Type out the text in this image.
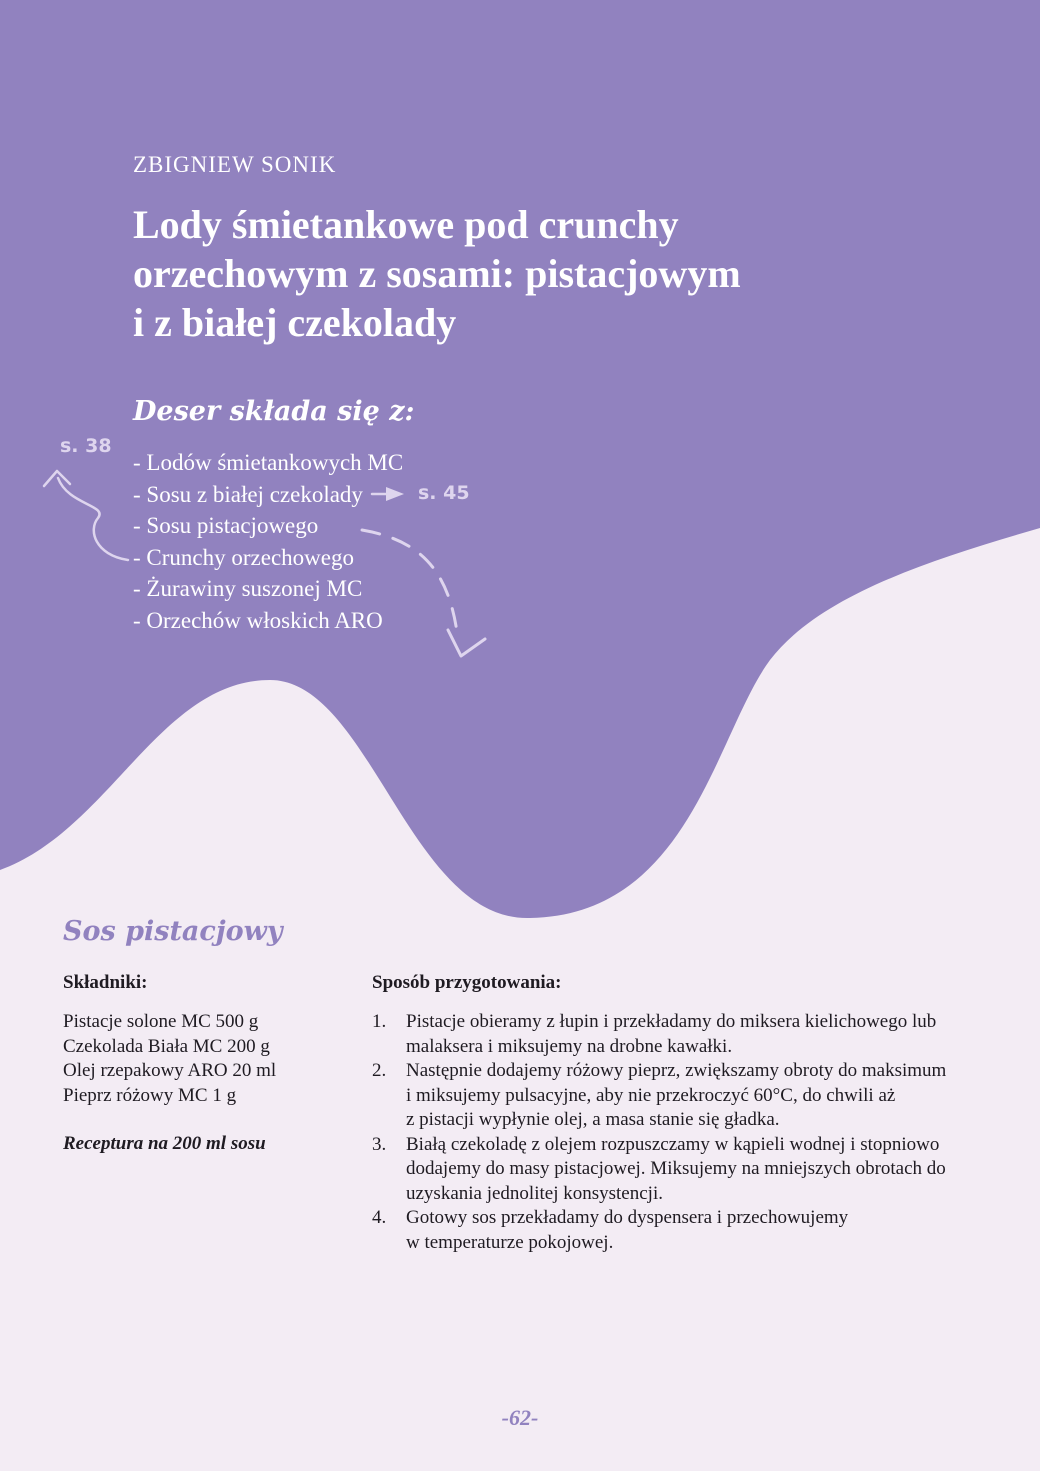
ZBIGNIEW SONIK
Lody śmietankowe pod crunchy
orzechowym z sosami: pistacjowym
i z białej czekolady
Deser składa się z:
s. 38
s. 45
- Lodów śmietankowych MC
- Sosu z białej czekolady
- Sosu pistacjowego
- Crunchy orzechowego
- Żurawiny suszonej MC
- Orzechów włoskich ARO
Sos pistacjowy
Składniki:
Pistacje solone MC 500 g
Czekolada Biała MC 200 g
Olej rzepakowy ARO 20 ml
Pieprz różowy MC 1 g
Receptura na 200 ml sosu
Sposób przygotowania:
1.	Pistacje obieramy z łupin i przekładamy do miksera kielichowego lub
malaksera i miksujemy na drobne kawałki.
2.	Następnie dodajemy różowy pieprz, zwiększamy obroty do maksimum
i miksujemy pulsacyjne, aby nie przekroczyć 60°C, do chwili aż
z pistacji wypłynie olej, a masa stanie się gładka.
3.	Białą czekoladę z olejem rozpuszczamy w kąpieli wodnej i stopniowo
dodajemy do masy pistacjowej. Miksujemy na mniejszych obrotach do
uzyskania jednolitej konsystencji.
4.	Gotowy sos przekładamy do dyspensera i przechowujemy
w temperaturze pokojowej.
-62-
